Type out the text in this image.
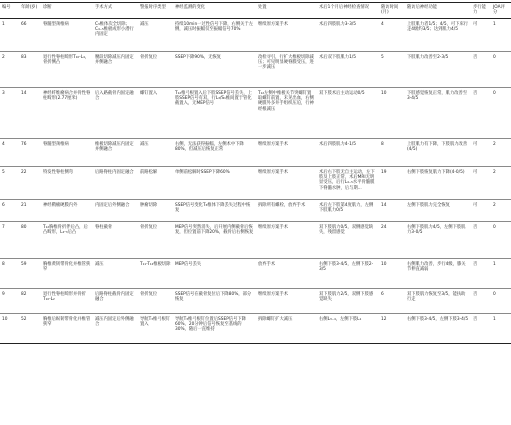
编号	年龄(岁)	诊断	手术方式	警报时序类型	神经监测的变化	处置	术后1个月后神经检查情况	随访时间(月)	随访后神经功能	步行能力	JOA评分
1	66	脊髓型颈椎病	C₃椎体次全切除；C₄₋₅椎板成形小潜行内固定	减压	持续10min一过性信号下降，右侧关于左侧，减压时振幅仅至振幅信号70%	继续原方案手术	术后四肢肌力3-3/5	4	上肢肌力者1/5；4/5，可下床行走4级约3/5；达到肌力4/5	可	1
2	83	退行性脊柱畸形T₁₀-L₄，骨折侧凸	腰段切除减压内固定并侧融合	骨折复位	SSEP下降90%，无恢复	改检寻引，行扩大椎板切除减压；可见明显硬脊膜受压，进一步减压	术后双下肢肌力1/5	5	下肢肌力改善至2-3/5	否	0
3	14	神经纤维瘤病合并骨性脊柱畸形(2.77厘米)	后入路截骨内固定融合	螺钉置入	T₁₂椎弓根置入后下肢SSEP信号丢失，上肢SSEP信号有双，行L₃/S₁椎间置于管化截置入，无MEP信号	T₁₂左侧中椎板关节突螺钉置取螺钉前置，未见出血，右侧硬膜外多井手组织压迫，行神经根减压	双下肢术后主动运动0/5	10	下肢感觉恢复正常，肌力改善至3-4/5	否	0
4	76	脊髓型颈椎病	椎板切除减压内固定并侧融合	减压	右侧，无法获得振幅，左侧术中下降80%，但减压后恢复正常	继续原方案手术	术后四肢肌力4-1/5	8	上肢肌力有下降，下肢肌力改善(4/5)	可	2
5	22	特发性脊柱侧弯	后路脊柱内固定融合	前路松解	单侧前松解时SSEP下降60%	继续原方案手术	术后右下肢无自主运动，左下肢及上肢正常，术后MRI无明显受压，后行L₄₋₅水平骨髓膜下脊髓水肿，后与期...	19	右侧下肢恢复肌力下降(4-0/5)	可	2
6	21	神经鞘瘤硬膜内外	内固定后外侧融合	肿瘤切除	SSEP信号变化T₆椎体下降丢失过程中恢复	拆除所有螺栓，放弃手术	术后左下肢第4度肌力，左侧下肢肌力0/5	14	左侧下肢肌力完全恢复	可	2
7	80	T₁₂胸椎骨折伴后凸，后凸畸形，L₂-₃后凸	脊柱截骨	骨折复位	MEP信号突然消失，后开展内侧截骨后恢复，但位置前下降20%，截骨后右侧恢复	继续原方案手术	双下肢肌力0/5，双侧感觉缺失，残留感觉	24	右侧下肢肌力4/5，左侧下肢肌力3-0/5	否	0
8	59	胸椎黄韧带骨化并椎管狭窄	减压	T₁₁-T₁₂椎板切除	MEP信号丢失	放弃手术	右侧下肢3-4/5，左侧下肢2-3/5	10	右侧肌力改善，步行4级，膝关节伸直减弱	否	1
9	82	退行性脊柱畸形并骨折T₁₀-L₂	后路脊柱截骨内固定融合	骨折复位	SSEP信号在截骨复位后下降80%，部分恢复	继续原方案手术	双下肢肌力2/5，双侧下肢感觉缺失	6	双下肢肌力恢复至3/5，能扶助行走	否	0
10	52	胸椎后纵韧带骨化并椎管狭窄	减压内固定后外侧融合	导航T₃椎弓根钉置入	导航T₃椎弓根钉位置后SSEP信号下降60%，20分钟后信号恢复至基线的30%，随后一直维持	拆除螺钉扩大减压	右侧L₃₋₄，左侧下肢L₁	12	右侧下肢3-4/5，左侧下肢3-4/5	否	1
